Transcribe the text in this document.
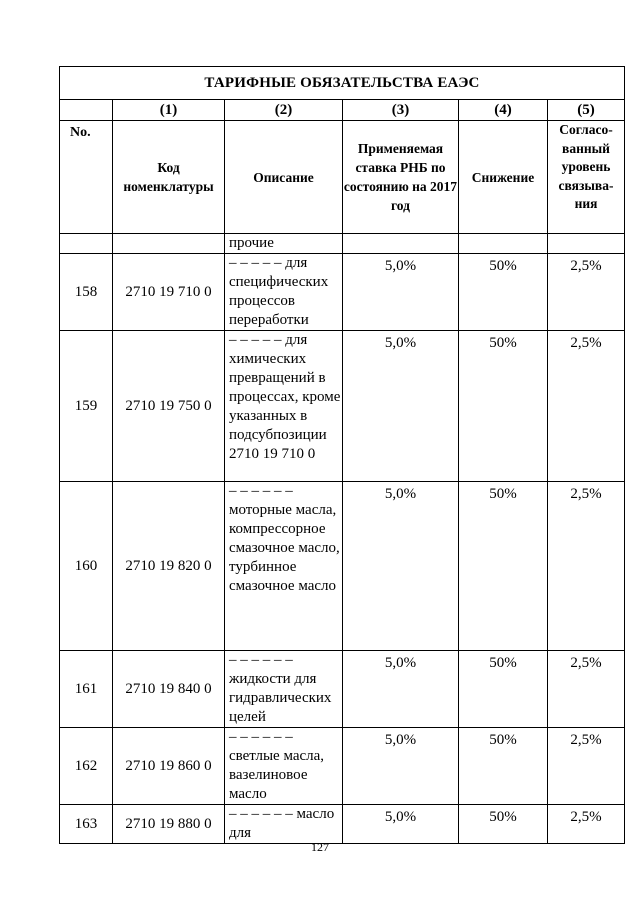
ТАРИФНЫЕ ОБЯЗАТЕЛЬСТВА ЕАЭС					
	(1)	(2)	(3)	(4)	(5)
No.	Код номенклатуры	Описание	Применяемая ставка РНБ по состоянию на 2017 год	Снижение	Согласо-ванный уровень связыва-ния
		прочие			
158	2710 19 710 0	– – – – – для специфических процессов переработки	5,0%	50%	2,5%
159	2710 19 750 0	– – – – – для химических превращений в процессах, кроме указанных в подсубпозиции 2710 19 710 0	5,0%	50%	2,5%
160	2710 19 820 0	– – – – – – моторные масла, компрессорное смазочное масло, турбинное смазочное масло	5,0%	50%	2,5%
161	2710 19 840 0	– – – – – – жидкости для гидравлических целей	5,0%	50%	2,5%
162	2710 19 860 0	– – – – – – светлые масла, вазелиновое масло	5,0%	50%	2,5%
163	2710 19 880 0	– – – – – – масло для	5,0%	50%	2,5%
127
